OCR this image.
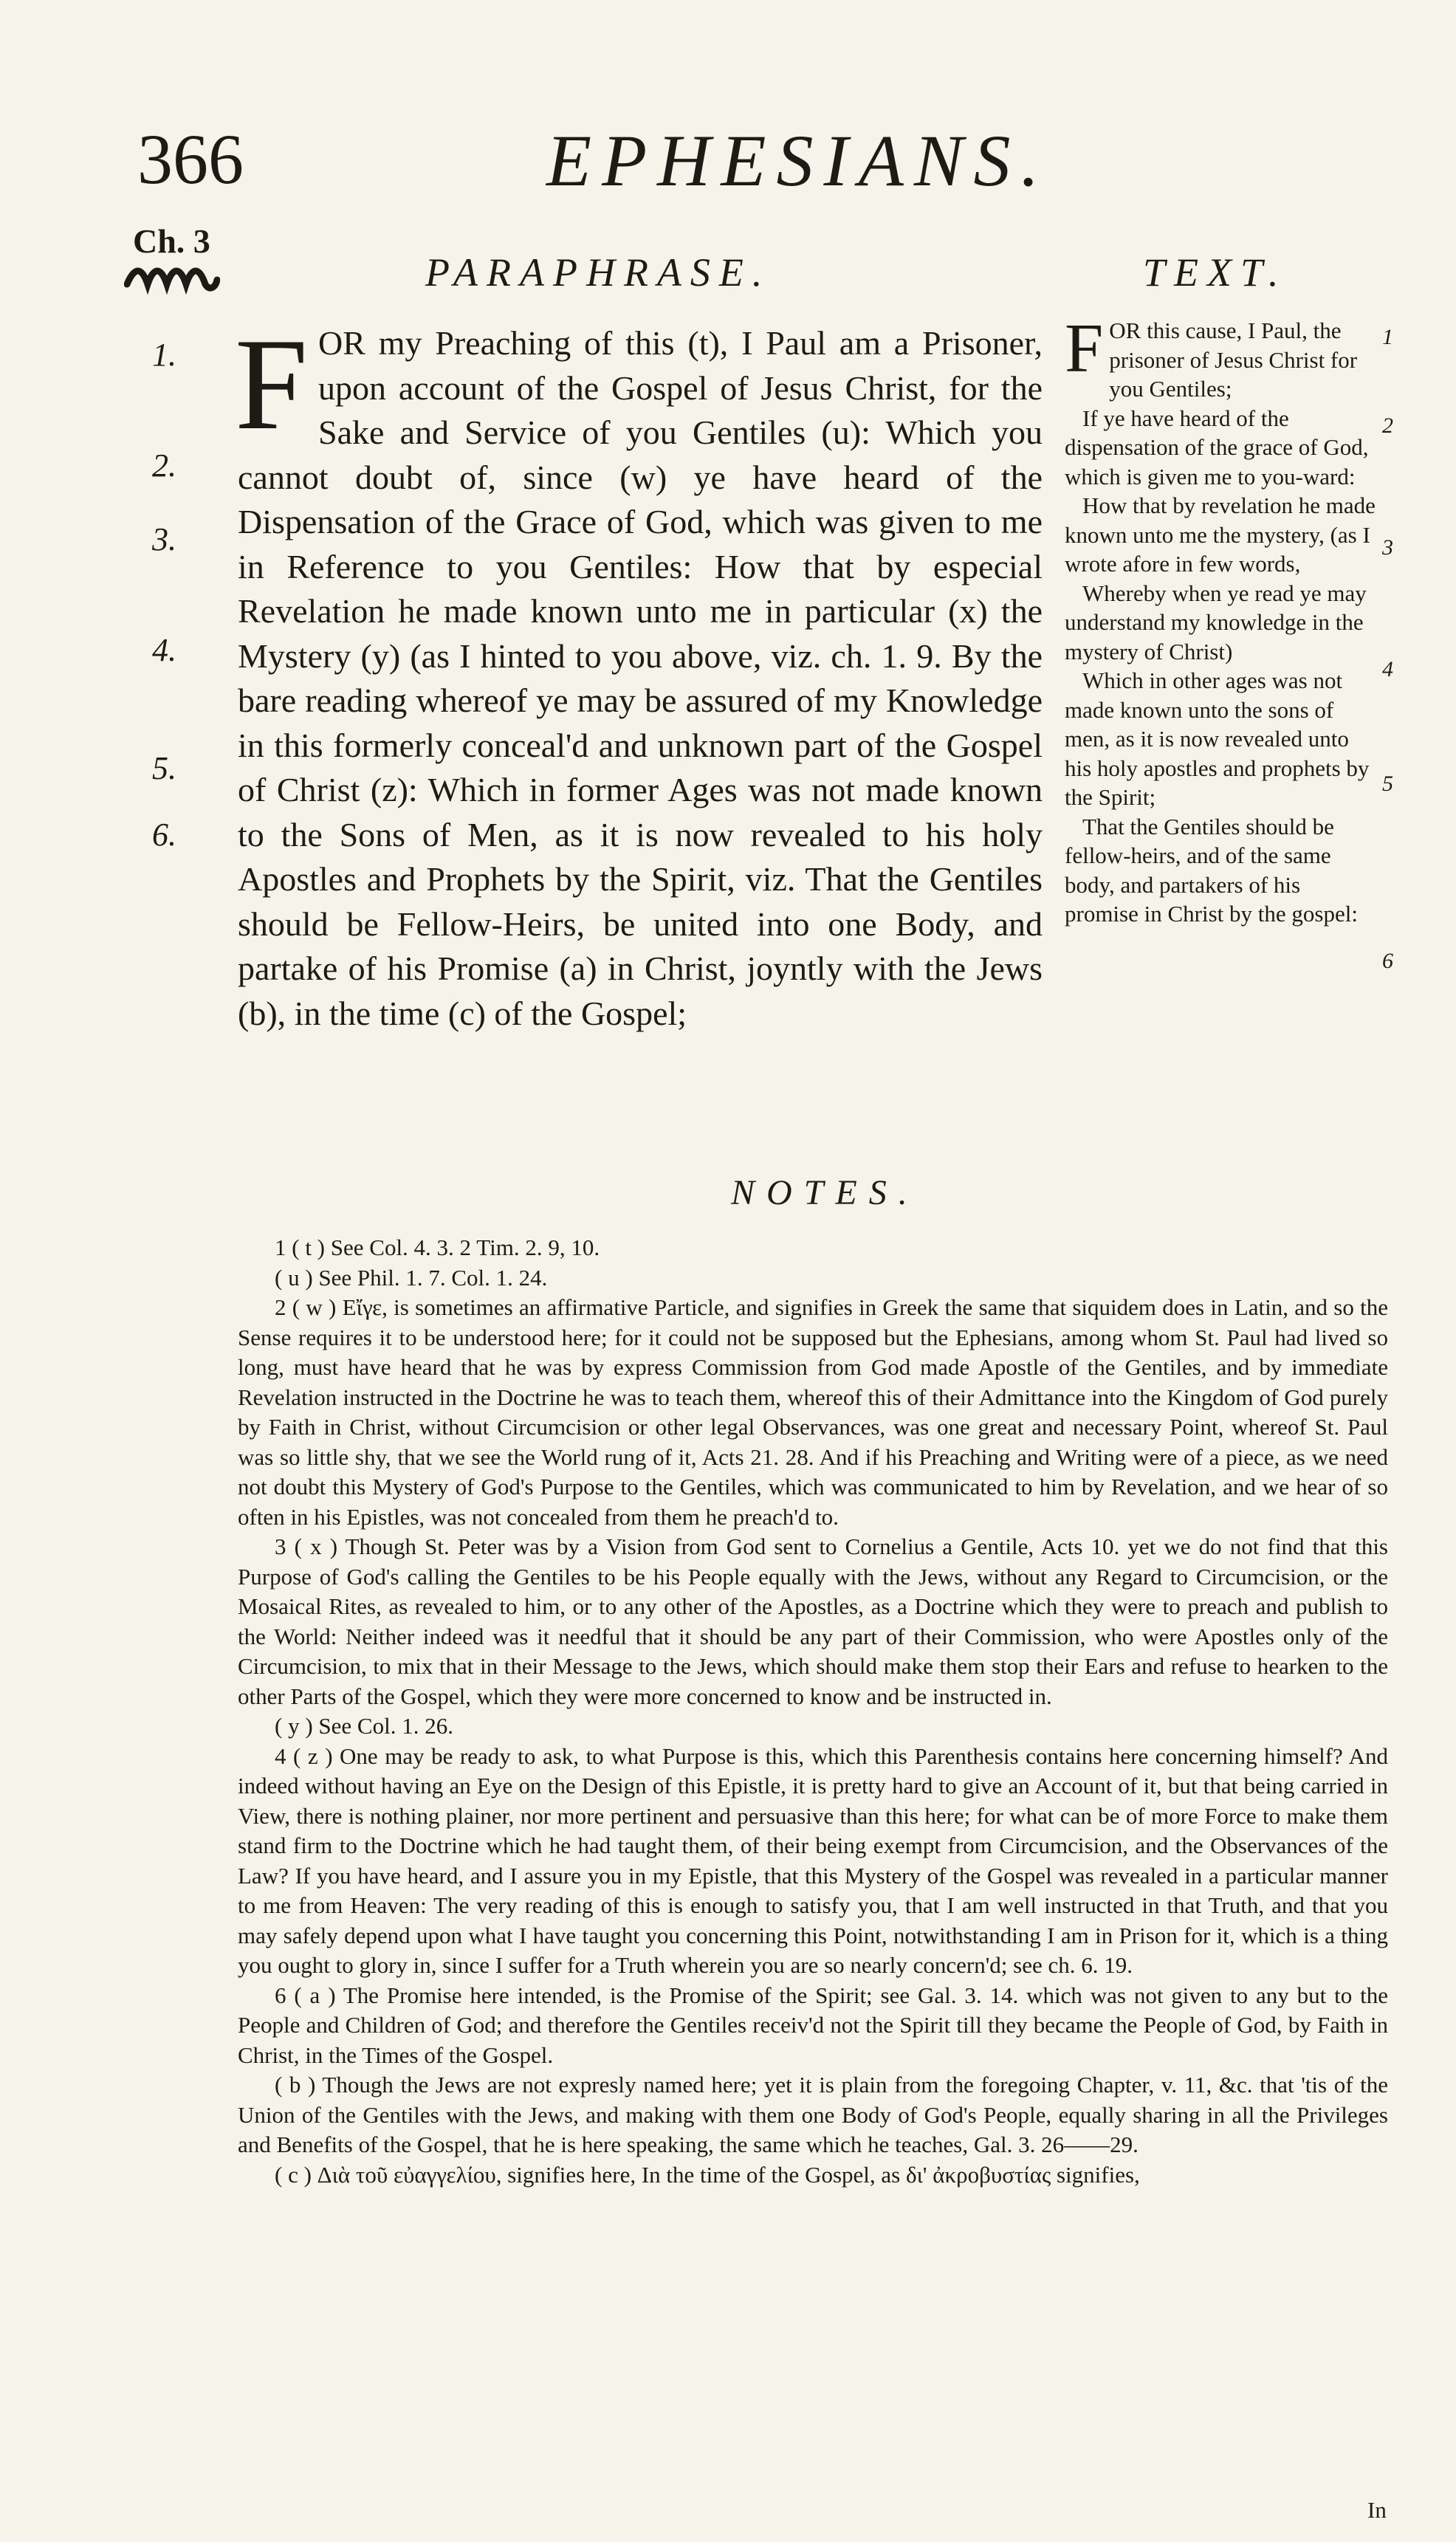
366	EPHESIANS.
Ch. 3
PARAPHRASE.	TEXT.
1.
2.
3.
4.
5.
6.

F OR my Preaching of this (t), I Paul am a Prisoner, upon account of the Gospel of Jesus Christ, for the Sake and Service of you Gentiles (u): Which you cannot doubt of, since (w) ye have heard of the Dispensation of the Grace of God, which was given to me in Reference to you Gentiles: How that by especial Revelation he made known unto me in particular (x) the Mystery (y) (as I hinted to you above, viz. ch. 1. 9. By the bare reading whereof ye may be assured of my Knowledge in this formerly conceal'd and unknown part of the Gospel of Christ (z): Which in former Ages was not made known to the Sons of Men, as it is now revealed to his holy Apostles and Prophets by the Spirit, viz. That the Gentiles should be Fellow-Heirs, be united into one Body, and partake of his Promise (a) in Christ, joyntly with the Jews (b), in the time (c) of the Gospel;

F OR this cause, I Paul, the prisoner of Jesus Christ for you Gentiles;

If ye have heard of the dispensation of the grace of God, which is given me to you-ward:

How that by revelation he made known unto me the mystery, (as I wrote afore in few words,

Whereby when ye read ye may understand my knowledge in the mystery of Christ)

Which in other ages was not made known unto the sons of men, as it is now revealed unto his holy apostles and prophets by the Spirit;

That the Gentiles should be fellow-heirs, and of the same body, and partakers of his promise in Christ by the gospel:

1
2
3
4
5
6
NOTES.

1 ( t ) See Col. 4. 3. 2 Tim. 2. 9, 10.

( u ) See Phil. 1. 7. Col. 1. 24.

2 ( w ) Εἴγε, is sometimes an affirmative Particle, and signifies in Greek the same that siquidem does in Latin, and so the Sense requires it to be understood here; for it could not be supposed but the Ephesians, among whom St. Paul had lived so long, must have heard that he was by express Commission from God made Apostle of the Gentiles, and by immediate Revelation instructed in the Doctrine he was to teach them, whereof this of their Admittance into the Kingdom of God purely by Faith in Christ, without Circumcision or other legal Observances, was one great and necessary Point, whereof St. Paul was so little shy, that we see the World rung of it, Acts 21. 28. And if his Preaching and Writing were of a piece, as we need not doubt this Mystery of God's Purpose to the Gentiles, which was communicated to him by Revelation, and we hear of so often in his Epistles, was not concealed from them he preach'd to.

3 ( x ) Though St. Peter was by a Vision from God sent to Cornelius a Gentile, Acts 10. yet we do not find that this Purpose of God's calling the Gentiles to be his People equally with the Jews, without any Regard to Circumcision, or the Mosaical Rites, as revealed to him, or to any other of the Apostles, as a Doctrine which they were to preach and publish to the World: Neither indeed was it needful that it should be any part of their Commission, who were Apostles only of the Circumcision, to mix that in their Message to the Jews, which should make them stop their Ears and refuse to hearken to the other Parts of the Gospel, which they were more concerned to know and be instructed in.

( y ) See Col. 1. 26.

4 ( z ) One may be ready to ask, to what Purpose is this, which this Parenthesis contains here concerning himself? And indeed without having an Eye on the Design of this Epistle, it is pretty hard to give an Account of it, but that being carried in View, there is nothing plainer, nor more pertinent and persuasive than this here; for what can be of more Force to make them stand firm to the Doctrine which he had taught them, of their being exempt from Circumcision, and the Observances of the Law? If you have heard, and I assure you in my Epistle, that this Mystery of the Gospel was revealed in a particular manner to me from Heaven: The very reading of this is enough to satisfy you, that I am well instructed in that Truth, and that you may safely depend upon what I have taught you concerning this Point, notwithstanding I am in Prison for it, which is a thing you ought to glory in, since I suffer for a Truth wherein you are so nearly concern'd; see ch. 6. 19.

6 ( a ) The Promise here intended, is the Promise of the Spirit; see Gal. 3. 14. which was not given to any but to the People and Children of God; and therefore the Gentiles receiv'd not the Spirit till they became the People of God, by Faith in Christ, in the Times of the Gospel.

( b ) Though the Jews are not expresly named here; yet it is plain from the foregoing Chapter, v. 11, &c. that 'tis of the Union of the Gentiles with the Jews, and making with them one Body of God's People, equally sharing in all the Privileges and Benefits of the Gospel, that he is here speaking, the same which he teaches, Gal. 3. 26——29.

( c ) Διὰ τοῦ εὐαγγελίου, signifies here, In the time of the Gospel, as δι' ἀκροβυστίας signifies,

In
